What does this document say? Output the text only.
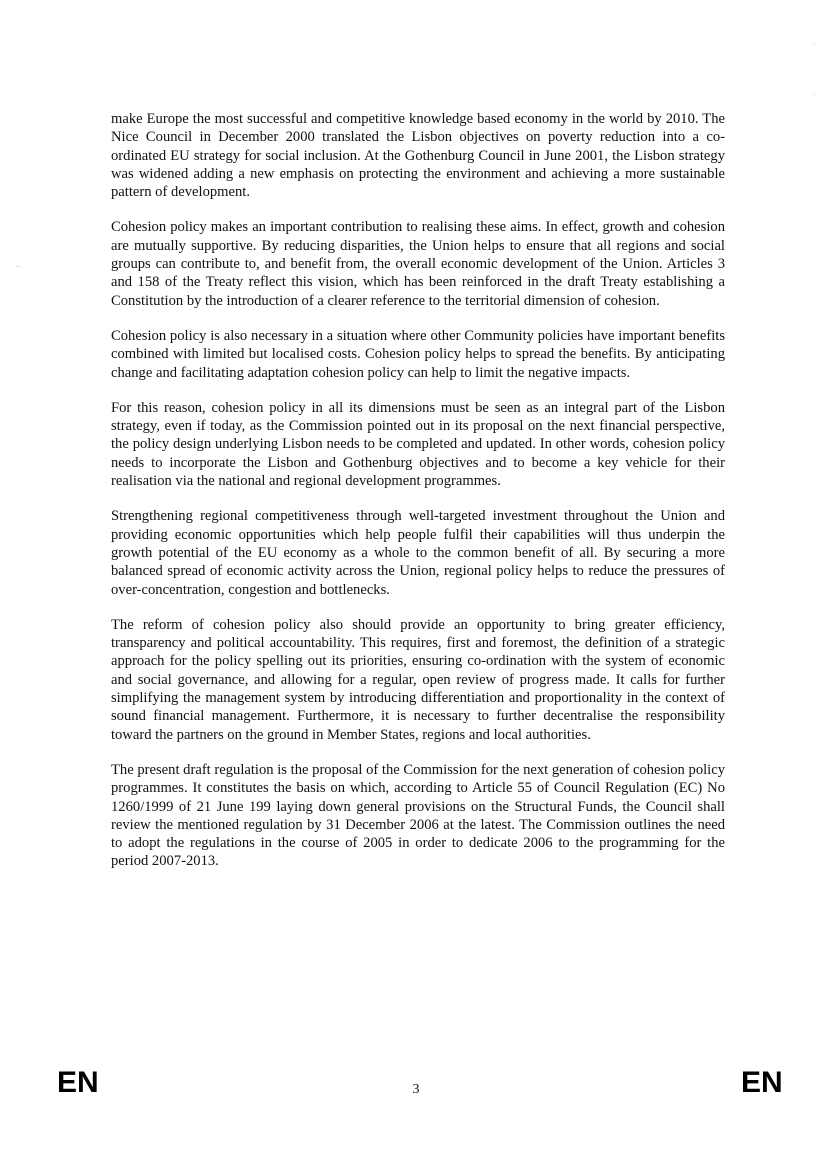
·
·
⋅·

make Europe the most successful and competitive knowledge based economy in the world by 2010. The Nice Council in December 2000 translated the Lisbon objectives on poverty reduction into a co-ordinated EU strategy for social inclusion. At the Gothenburg Council in June 2001, the Lisbon strategy was widened adding a new emphasis on protecting the environment and achieving a more sustainable pattern of development.

Cohesion policy makes an important contribution to realising these aims. In effect, growth and cohesion are mutually supportive. By reducing disparities, the Union helps to ensure that all regions and social groups can contribute to, and benefit from, the overall economic development of the Union. Articles 3 and 158 of the Treaty reflect this vision, which has been reinforced in the draft Treaty establishing a Constitution by the introduction of a clearer reference to the territorial dimension of cohesion.

Cohesion policy is also necessary in a situation where other Community policies have important benefits combined with limited but localised costs. Cohesion policy helps to spread the benefits. By anticipating change and facilitating adaptation cohesion policy can help to limit the negative impacts.

For this reason, cohesion policy in all its dimensions must be seen as an integral part of the Lisbon strategy, even if today, as the Commission pointed out in its proposal on the next financial perspective, the policy design underlying Lisbon needs to be completed and updated. In other words, cohesion policy needs to incorporate the Lisbon and Gothenburg objectives and to become a key vehicle for their realisation via the national and regional development programmes.

Strengthening regional competitiveness through well-targeted investment throughout the Union and providing economic opportunities which help people fulfil their capabilities will thus underpin the growth potential of the EU economy as a whole to the common benefit of all. By securing a more balanced spread of economic activity across the Union, regional policy helps to reduce the pressures of over-concentration, congestion and bottlenecks.

The reform of cohesion policy also should provide an opportunity to bring greater efficiency, transparency and political accountability. This requires, first and foremost, the definition of a strategic approach for the policy spelling out its priorities, ensuring co-ordination with the system of economic and social governance, and allowing for a regular, open review of progress made. It calls for further simplifying the management system by introducing differentiation and proportionality in the context of sound financial management. Furthermore, it is necessary to further decentralise the responsibility toward the partners on the ground in Member States, regions and local authorities.

The present draft regulation is the proposal of the Commission for the next generation of cohesion policy programmes. It constitutes the basis on which, according to Article 55 of Council Regulation (EC) No 1260/1999 of 21 June 199 laying down general provisions on the Structural Funds, the Council shall review the mentioned regulation by 31 December 2006 at the latest. The Commission outlines the need to adopt the regulations in the course of 2005 in order to dedicate 2006 to the programming for the period 2007-2013.

EN	3	EN
